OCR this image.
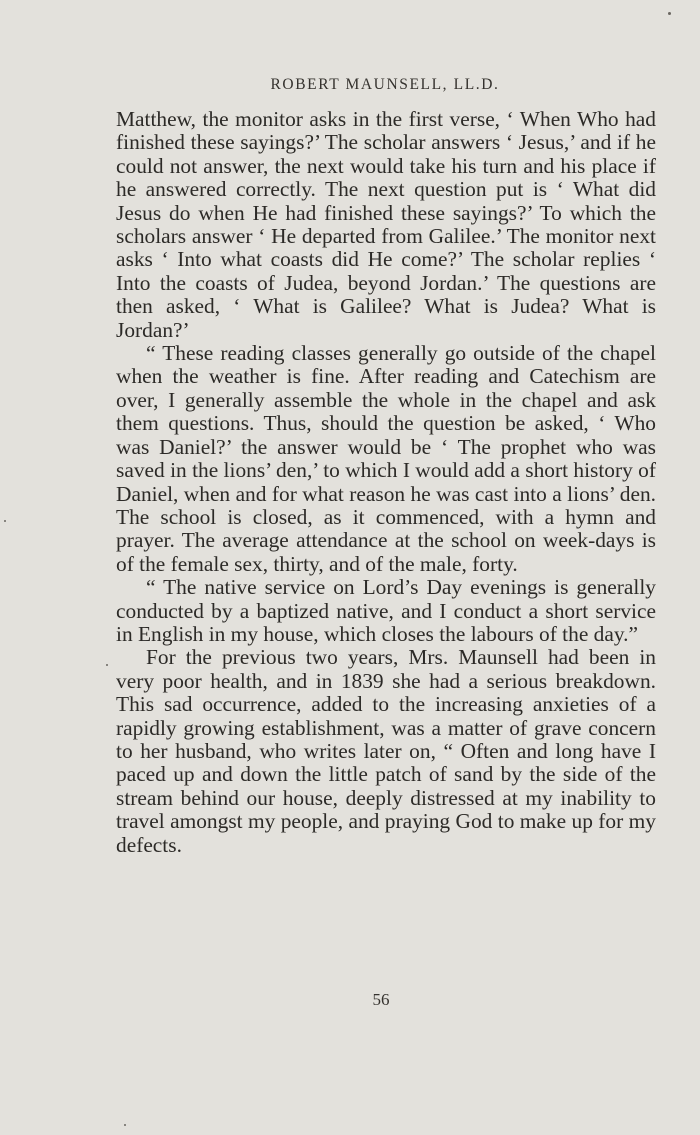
ROBERT MAUNSELL, LL.D.

Matthew, the monitor asks in the first verse, ‘ When Who had finished these sayings?’ The scholar answers ‘ Jesus,’ and if he could not answer, the next would take his turn and his place if he answered correctly. The next question put is ‘ What did Jesus do when He had finished these sayings?’ To which the scholars answer ‘ He departed from Galilee.’ The monitor next asks ‘ Into what coasts did He come?’ The scholar replies ‘ Into the coasts of Judea, beyond Jordan.’ The questions are then asked, ‘ What is Galilee? What is Judea? What is Jordan?’

“ These reading classes generally go outside of the chapel when the weather is fine. After reading and Catechism are over, I generally assemble the whole in the chapel and ask them questions. Thus, should the question be asked, ‘ Who was Daniel?’ the answer would be ‘ The prophet who was saved in the lions’ den,’ to which I would add a short history of Daniel, when and for what reason he was cast into a lions’ den. The school is closed, as it commenced, with a hymn and prayer. The average attendance at the school on week-days is of the female sex, thirty, and of the male, forty.

“ The native service on Lord’s Day evenings is generally conducted by a baptized native, and I conduct a short service in English in my house, which closes the labours of the day.”

For the previous two years, Mrs. Maunsell had been in very poor health, and in 1839 she had a serious breakdown. This sad occurrence, added to the increasing anxieties of a rapidly growing establishment, was a matter of grave concern to her husband, who writes later on, “ Often and long have I paced up and down the little patch of sand by the side of the stream behind our house, deeply distressed at my inability to travel amongst my people, and praying God to make up for my defects.

56
